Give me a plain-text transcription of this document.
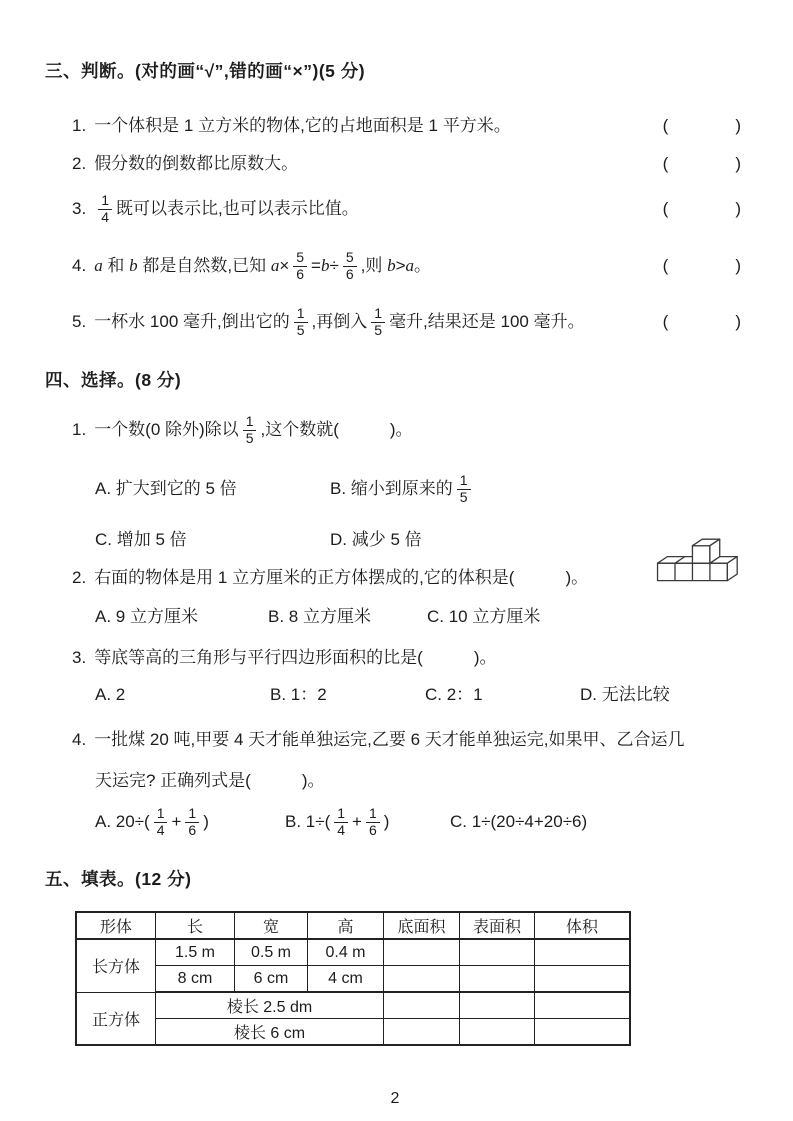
三、判断。(对的画“√”,错的画“×”)(5 分)
1. 一个体积是 1 立方米的物体,它的占地面积是 1 平方米。	(　　　)
2. 假分数的倒数都比原数大。	(　　　)
3. $\frac{1}{4}$ 既可以表示比,也可以表示比值。	(　　　)
4. a 和 b 都是自然数,已知 $a \times \frac{5}{6} = b \div \frac{5}{6}$ ,则 b > a 。	(　　　)
5. 一杯水 100 毫升,倒出它的 $\frac{1}{5}$ ,再倒入 $\frac{1}{5}$ 毫升,结果还是 100 毫升。	(　　　)
四、选择。(8 分)
1. 一个数(0 除外)除以 $\frac{1}{5}$ ,这个数就(　　　)。
A. 扩大到它的 5 倍	B. 缩小到原来的 $\frac{1}{5}$
C. 增加 5 倍	D. 减少 5 倍
2. 右面的物体是用 1 立方厘米的正方体摆成的,它的体积是(　　　)。
A. 9 立方厘米	B. 8 立方厘米	C. 10 立方厘米
3. 等底等高的三角形与平行四边形面积的比是(　　　)。
A. 2	B. 1：2	C. 2：1	D. 无法比较
4. 一批煤 20 吨,甲要 4 天才能单独运完,乙要 6 天才能单独运完,如果甲、乙合运几
天运完? 正确列式是(　　　)。
A. $20\div( \frac{1}{4} + \frac{1}{6}$ )	B. $1\div( \frac{1}{4} + \frac{1}{6}$ )	C. 1÷(20÷4+20÷6)
五、填表。(12 分)
形体	长	宽	高	底面积	表面积	体积
长方体	1.5 m	0.5 m	0.4 m			
	8 cm	6 cm	4 cm			
正方体	棱长 2.5 dm					
	棱长 6 cm					
2
